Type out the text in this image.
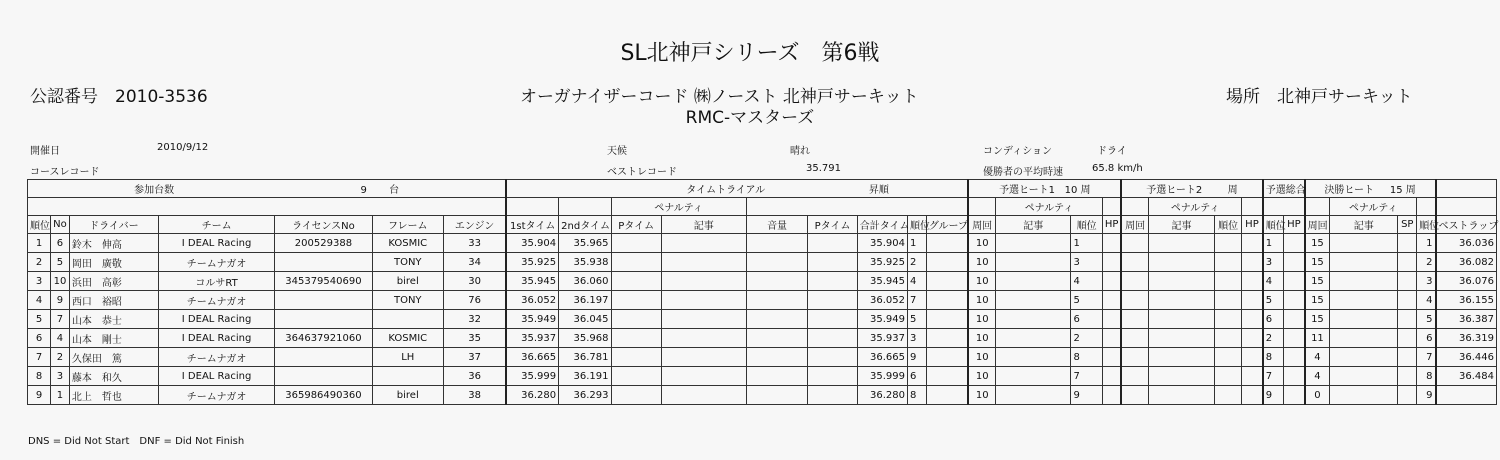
SL北神戸シリーズ　第6戦
公認番号　2010-3536	オーガナイザーコード ㈱ノースト 北神戸サーキット	場所　北神戸サーキット
RMC-マスターズ
開催日	2010/9/12	天候	晴れ	コンディション	ドライ
コースレコード	ベストレコード	35.791	優勝者の平均時速	65.8 km/h
参加台数 9 台							タイムトライアル 昇順									予選ヒート1 10 周				予選ヒート2 周				予選総合		決勝ヒート 15 周				
									ペナルティ								ペナルティ				ペナルティ						ペナルティ			
順位	No	ドライバー	チーム	ライセンスNo	フレーム	エンジン	1stタイム	2ndタイム	Pタイム	記事	音量	Pタイム	合計タイム	順位	グループ	周回	記事	順位	HP	周回	記事	順位	HP	順位	HP	周回	記事	SP	順位	ベストラップ
1	6	鈴木　伸高	I DEAL Racing	200529388	KOSMIC	33	35.904	35.965					35.904	1		10		1						1		15			1	36.036
2	5	岡田　廣敬	チームナガオ		TONY	34	35.925	35.938					35.925	2		10		3						3		15			2	36.082
3	10	浜田　高彰	コルサRT	345379540690	birel	30	35.945	36.060					35.945	4		10		4						4		15			3	36.076
4	9	西口　裕昭	チームナガオ		TONY	76	36.052	36.197					36.052	7		10		5						5		15			4	36.155
5	7	山本　恭士	I DEAL Racing			32	35.949	36.045					35.949	5		10		6						6		15			5	36.387
6	4	山本　剛士	I DEAL Racing	364637921060	KOSMIC	35	35.937	35.968					35.937	3		10		2						2		11			6	36.319
7	2	久保田　篤	チームナガオ		LH	37	36.665	36.781					36.665	9		10		8						8		4			7	36.446
8	3	藤本　和久	I DEAL Racing			36	35.999	36.191					35.999	6		10		7						7		4			8	36.484
9	1	北上　哲也	チームナガオ	365986490360	birel	38	36.280	36.293					36.280	8		10		9						9		0			9	
DNS = Did Not Start　DNF = Did Not Finish
